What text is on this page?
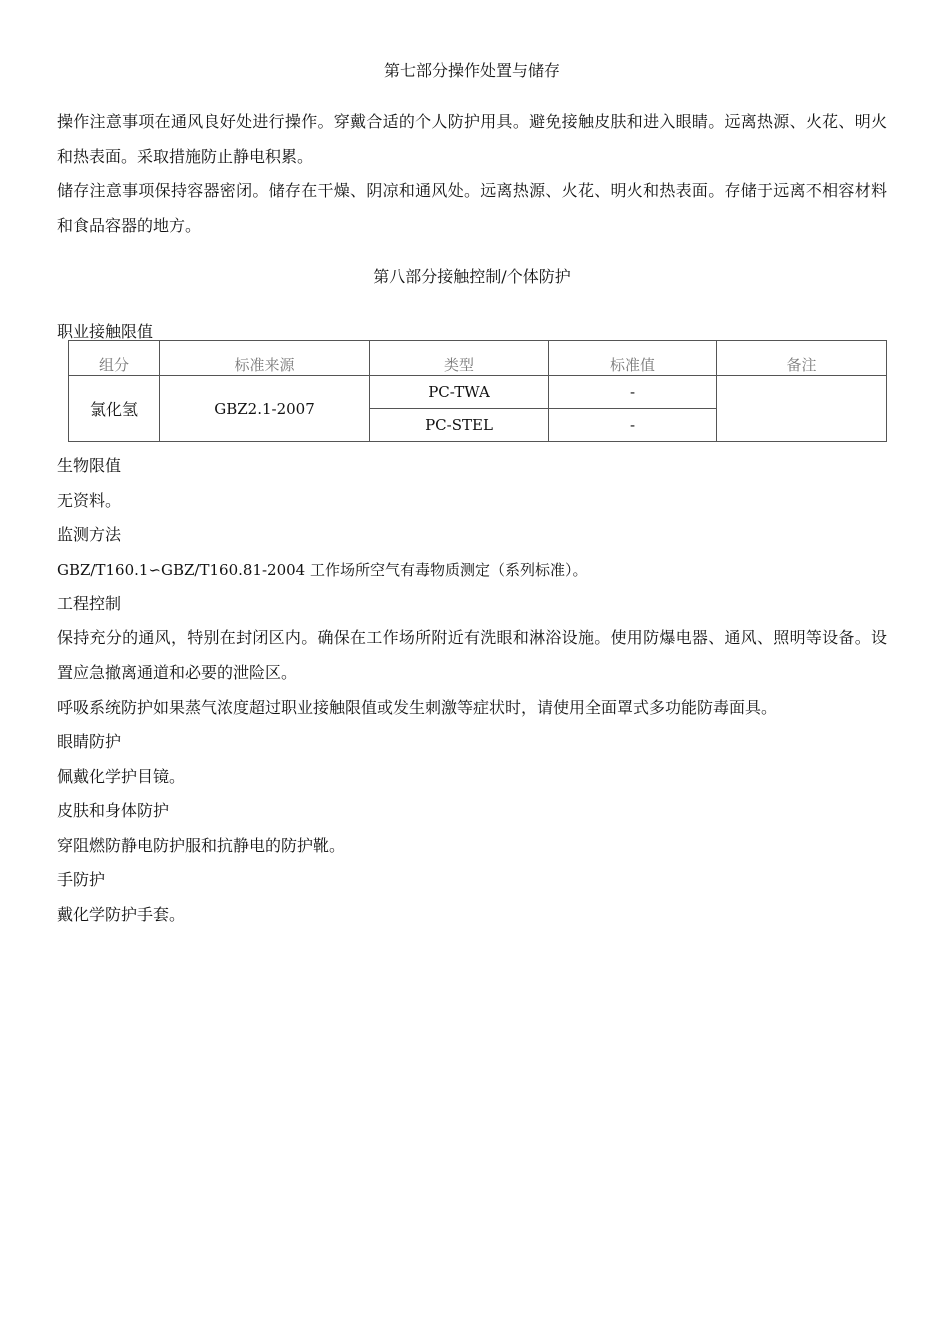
第七部分操作处置与储存
操作注意事项在通风良好处进行操作。穿戴合适的个人防护用具。避免接触皮肤和进入眼睛。远离热源、火花、明火和热表面。采取措施防止静电积累。
储存注意事项保持容器密闭。储存在干燥、阴凉和通风处。远离热源、火花、明火和热表面。存储于远离不相容材料和食品容器的地方。
第八部分接触控制/个体防护
职业接触限值
组分	标准来源	类型	标准值	备注
氯化氢	GBZ2.1-2007	PC-TWA	-	
		PC-STEL	-	
生物限值
无资料。
监测方法
GBZ/T160.1∽GBZ/T160.81-2004 工作场所空气有毒物质测定（系列标准）。
工程控制
保持充分的通风，特别在封闭区内。确保在工作场所附近有洗眼和淋浴设施。使用防爆电器、通风、照明等设备。设置应急撤离通道和必要的泄险区。
呼吸系统防护如果蒸气浓度超过职业接触限值或发生刺激等症状时，请使用全面罩式多功能防毒面具。
眼睛防护
佩戴化学护目镜。
皮肤和身体防护
穿阻燃防静电防护服和抗静电的防护靴。
手防护
戴化学防护手套。
